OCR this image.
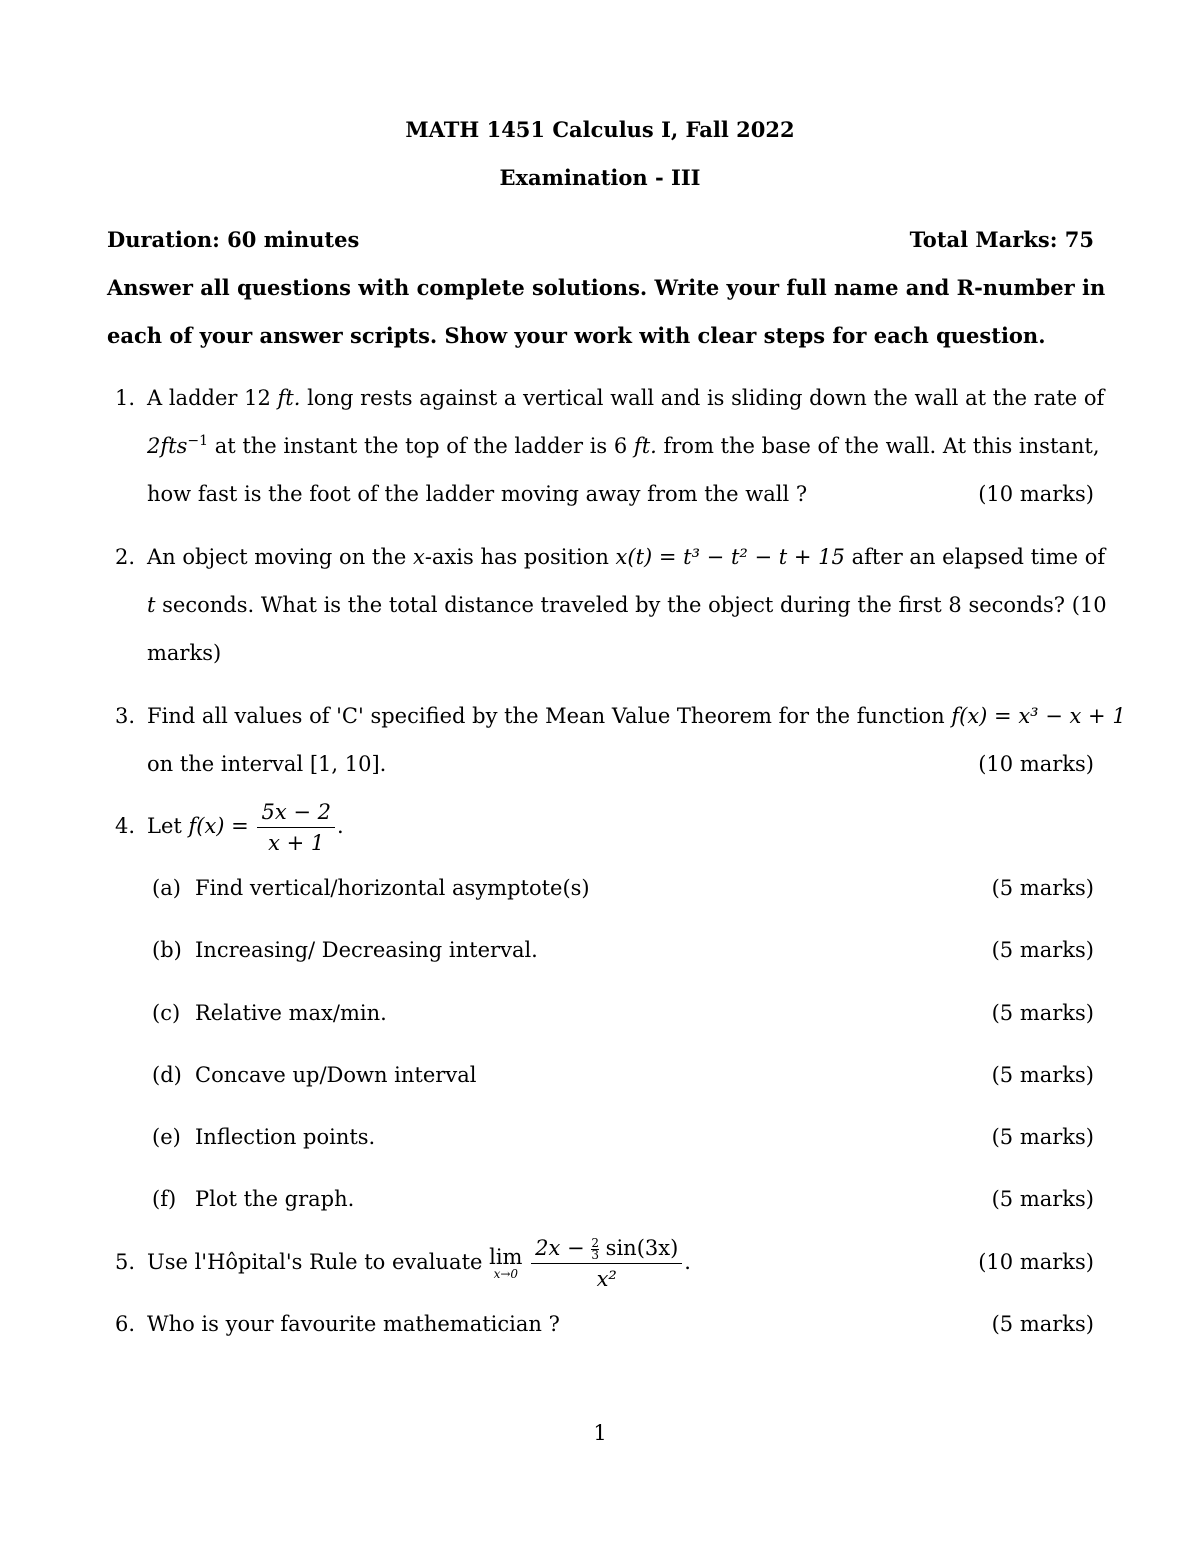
MATH 1451 Calculus I, Fall 2022
Examination - III
Duration: 60 minutes	Total Marks: 75
Answer all questions with complete solutions. Write your full name and R-number in
each of your answer scripts. Show your work with clear steps for each question.
1. A ladder 12 ft. long rests against a vertical wall and is sliding down the wall at the rate of
2fts$^{-1}$ at the instant the top of the ladder is 6 ft. from the base of the wall. At this instant,
how fast is the foot of the ladder moving away from the wall ?	(10 marks)
2. An object moving on the x-axis has position x(t) = t³ − t² − t + 15 after an elapsed time of
t seconds. What is the total distance traveled by the object during the first 8 seconds? (10
marks)
3. Find all values of 'C' specified by the Mean Value Theorem for the function f(x) = x³ − x + 1
on the interval [1, 10].	(10 marks)
4. Let $f(x) = \frac{5x - 2}{x + 1}$ .
(a) Find vertical/horizontal asymptote(s)	(5 marks)
(b) Increasing/ Decreasing interval.	(5 marks)
(c) Relative max/min.	(5 marks)
(d) Concave up/Down interval	(5 marks)
(e) Inflection points.	(5 marks)
(f) Plot the graph.	(5 marks)
5. Use l'Hôpital's Rule to evaluate lim
x→0
$\frac{2x - \frac{2}{3} \sin(3x)}{\text{x²}}$ .	(10 marks)
6. Who is your favourite mathematician ?	(5 marks)
1
